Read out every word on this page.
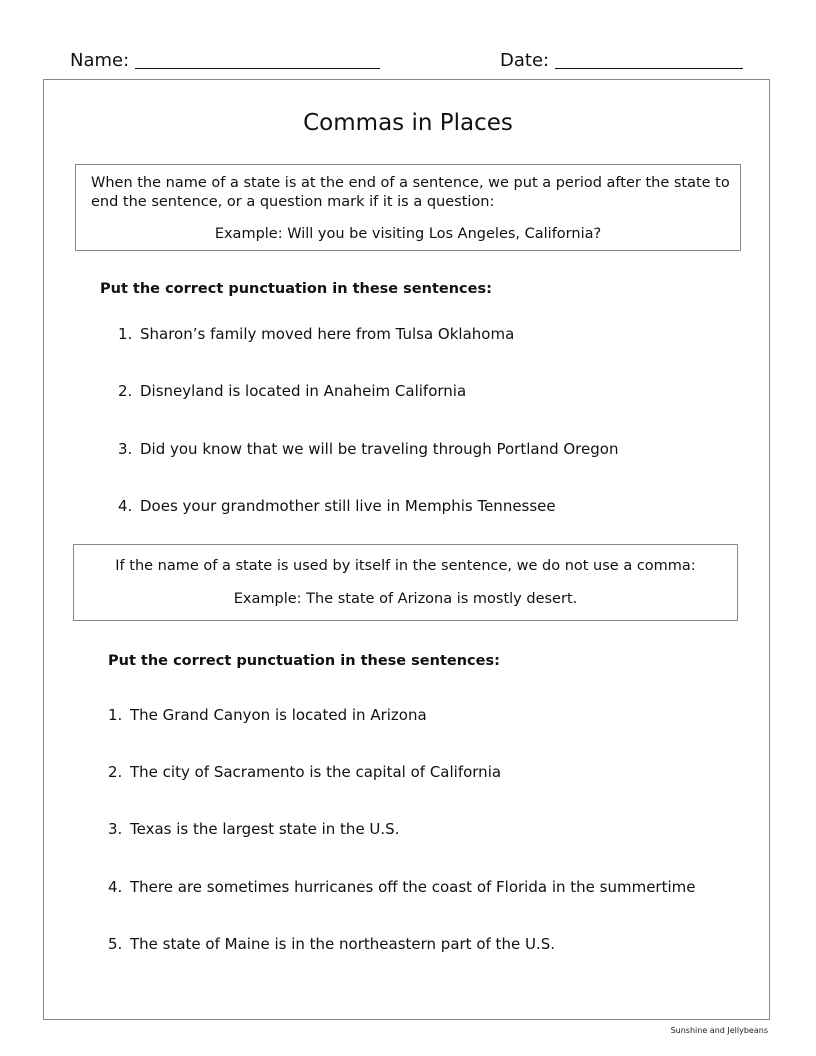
Name:	Date:
Commas in Places
When the name of a state is at the end of a sentence, we put a period after the state to end the sentence, or a question mark if it is a question:
Example: Will you be visiting Los Angeles, California?
Put the correct punctuation in these sentences:
1. Sharon’s family moved here from Tulsa Oklahoma
2. Disneyland is located in Anaheim California
3. Did you know that we will be traveling through Portland Oregon
4. Does your grandmother still live in Memphis Tennessee
If the name of a state is used by itself in the sentence, we do not use a comma:
Example: The state of Arizona is mostly desert.
Put the correct punctuation in these sentences:
1. The Grand Canyon is located in Arizona
2. The city of Sacramento is the capital of California
3. Texas is the largest state in the U.S.
4. There are sometimes hurricanes off the coast of Florida in the summertime
5. The state of Maine is in the northeastern part of the U.S.
Sunshine and Jellybeans
